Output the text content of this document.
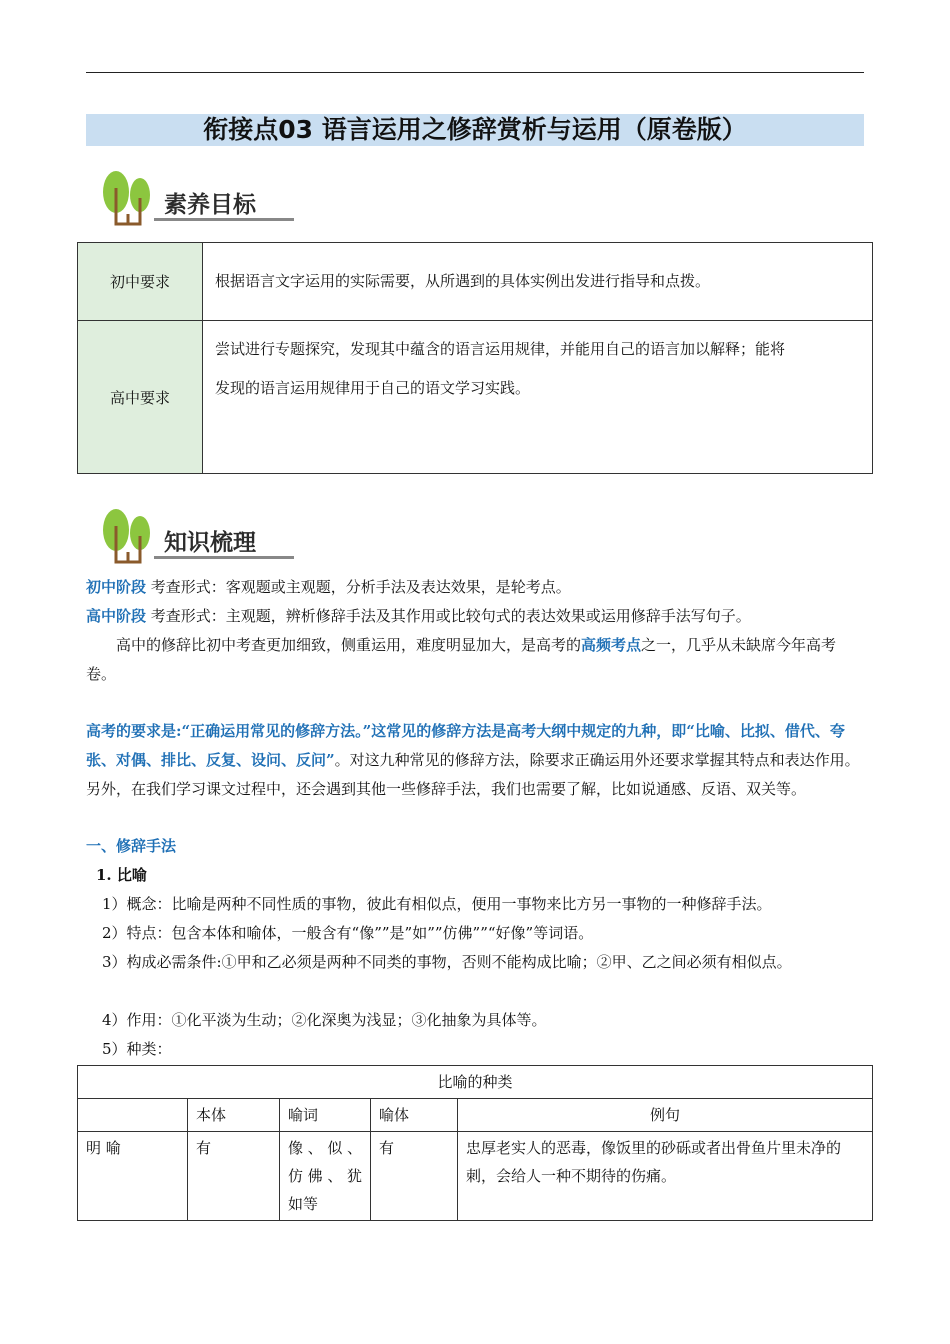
衔接点03 语言运用之修辞赏析与运用（原卷版）
素养目标
初中要求	根据语言文字运用的实际需要，从所遇到的具体实例出发进行指导和点拨。
高中要求	尝试进行专题探究，发现其中蕴含的语言运用规律，并能用自己的语言加以解释；能将
发现的语言运用规律用于自己的语文学习实践。
知识梳理

初中阶段 考查形式：客观题或主观题，分析手法及表达效果，是轮考点。

高中阶段 考查形式：主观题，辨析修辞手法及其作用或比较句式的表达效果或运用修辞手法写句子。

高中的修辞比初中考查更加细致，侧重运用，难度明显加大，是高考的高频考点之一，几乎从未缺席今年高考卷。

高考的要求是:“正确运用常见的修辞方法。”这常见的修辞方法是高考大纲中规定的九种，即“比喻、比拟、借代、夸张、对偶、排比、反复、设问、反问”。对这九种常见的修辞方法，除要求正确运用外还要求掌握其特点和表达作用。另外，在我们学习课文过程中，还会遇到其他一些修辞手法，我们也需要了解，比如说通感、反语、双关等。

一、修辞手法

1. 比喻

1）概念：比喻是两种不同性质的事物，彼此有相似点，便用一事物来比方另一事物的一种修辞手法。

2）特点：包含本体和喻体，一般含有“像””是”如””仿佛””“好像”等词语。

3）构成必需条件:①甲和乙必须是两种不同类的事物，否则不能构成比喻；②甲、乙之间必须有相似点。

4）作用：①化平淡为生动；②化深奥为浅显；③化抽象为具体等。

5）种类：

比喻的种类				
	本体	喻词	喻体	例句
明 喻	有	像、似、仿佛、犹如等	有	忠厚老实人的恶毒，像饭里的砂砾或者出骨鱼片里未净的刺，会给人一种不期待的伤痛。
